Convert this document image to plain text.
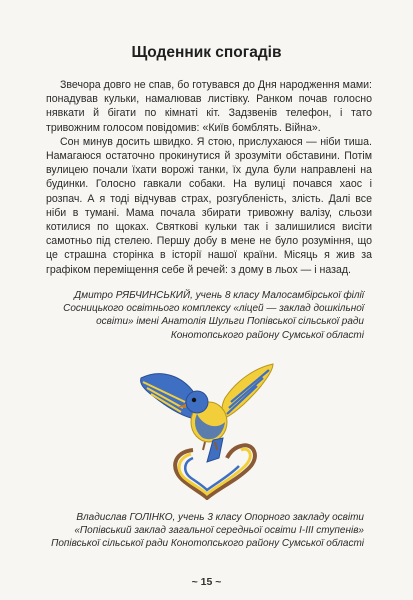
Щоденник спогадів

Звечора довго не спав, бо готувався до Дня народження мами: понадував кульки, намалював листівку. Ранком почав голосно нявкати й бігати по кімнаті кіт. Задзвенів телефон, і тато тривожним голосом повідомив: «Київ бомблять. Війна».

Сон минув досить швидко. Я стою, прислухаюся — ніби тиша. Намагаюся остаточно прокинутися й зрозуміти обставини. Потім вулицею почали їхати ворожі танки, їх дула були направлені на будинки. Голосно гавкали собаки. На вулиці почався хаос і розпач. А я тоді відчував страх, розгубленість, злість. Далі все ніби в тумані. Мама почала збирати тривожну валізу, сльози котилися по щоках. Святкові кульки так і залишилися висіти самотньо під стелею. Першу добу в мене не було розуміння, що це страшна сторінка в історії нашої країни. Місяць я жив за графіком переміщення себе й речей: з дому в льох — і назад.

Дмитро РЯБЧИНСЬКИЙ, учень 8 класу Малосамбірської філії Сосницького освітнього комплексу «ліцей — заклад дошкільної освіти» імені Анатолія Шульги Попівської сільської ради Конотопського району Сумської області
Владислав ГОЛІНКО, учень 3 класу Опорного закладу освіти «Попівський заклад загальної середньої освіти І-ІІІ ступенів» Попівської сільської ради Конотопського району Сумської області
~ 15 ~
